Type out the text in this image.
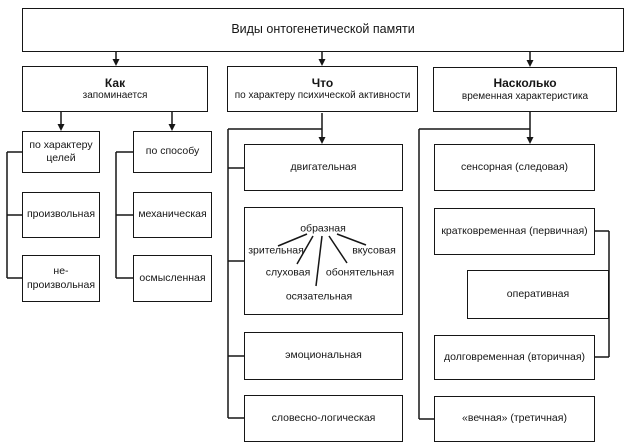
Виды онтогенетической памяти
Как
запоминается
Что
по характеру психической активности
Насколько
временная характеристика
по характеру целей
произвольная
не-произвольная
по способу
механическая
осмысленная
двигательная
образная
зрительная	вкусовая
слуховая обонятельная
осязательная
эмоциональная
словесно-логическая
сенсорная (следовая)
кратковременная (первичная)
оперативная
долговременная (вторичная)
«вечная» (третичная)
